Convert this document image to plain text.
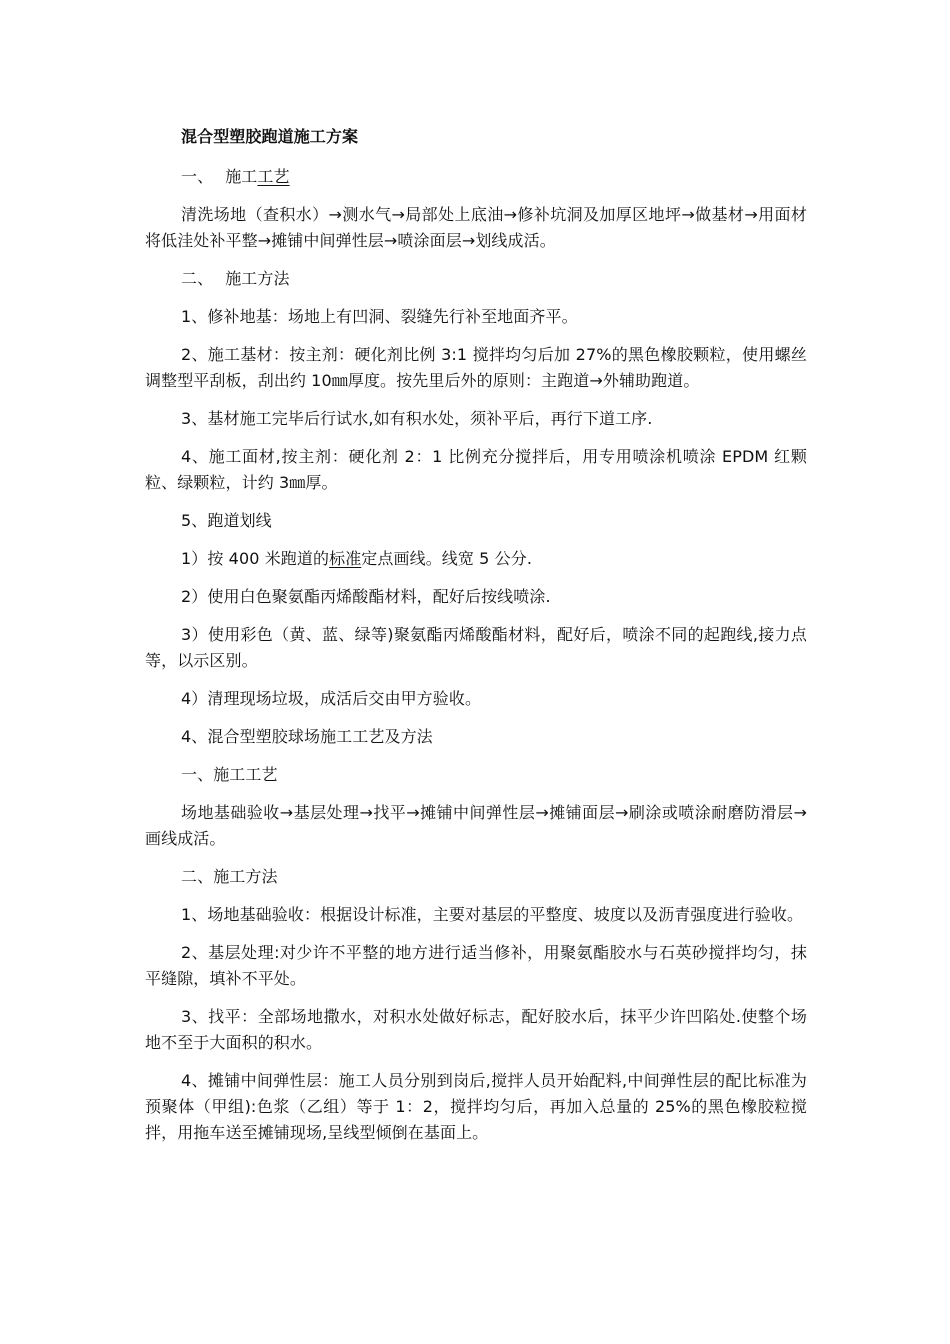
混合型塑胶跑道施工方案

一、 施工工艺

清洗场地（查积水）→测水气→局部处上底油→修补坑洞及加厚区地坪→做基材→用面材将低洼处补平整→摊铺中间弹性层→喷涂面层→划线成活。

二、 施工方法

1、修补地基：场地上有凹洞、裂缝先行补至地面齐平。

2、施工基材：按主剂：硬化剂比例 3:1 搅拌均匀后加 27%的黑色橡胶颗粒，使用螺丝调整型平刮板，刮出约 10㎜厚度。按先里后外的原则：主跑道→外辅助跑道。

3、基材施工完毕后行试水,如有积水处，须补平后，再行下道工序.

4、施工面材,按主剂：硬化剂 2：1 比例充分搅拌后，用专用喷涂机喷涂 EPDM 红颗粒、绿颗粒，计约 3㎜厚。

5、跑道划线

1）按 400 米跑道的标准定点画线。线宽 5 公分.

2）使用白色聚氨酯丙烯酸酯材料，配好后按线喷涂.

3）使用彩色（黄、蓝、绿等)聚氨酯丙烯酸酯材料，配好后，喷涂不同的起跑线,接力点等，以示区别。

4）清理现场垃圾，成活后交由甲方验收。

4、混合型塑胶球场施工工艺及方法

一、施工工艺

场地基础验收→基层处理→找平→摊铺中间弹性层→摊铺面层→刷涂或喷涂耐磨防滑层→画线成活。

二、施工方法

1、场地基础验收：根据设计标准，主要对基层的平整度、坡度以及沥青强度进行验收。

2、基层处理:对少许不平整的地方进行适当修补，用聚氨酯胶水与石英砂搅拌均匀，抹平缝隙，填补不平处。

3、找平：全部场地撒水，对积水处做好标志，配好胶水后，抹平少许凹陷处.使整个场地不至于大面积的积水。

4、摊铺中间弹性层：施工人员分别到岗后,搅拌人员开始配料,中间弹性层的配比标准为预聚体（甲组):色浆（乙组）等于 1：2，搅拌均匀后，再加入总量的 25%的黑色橡胶粒搅拌，用拖车送至摊铺现场,呈线型倾倒在基面上。
